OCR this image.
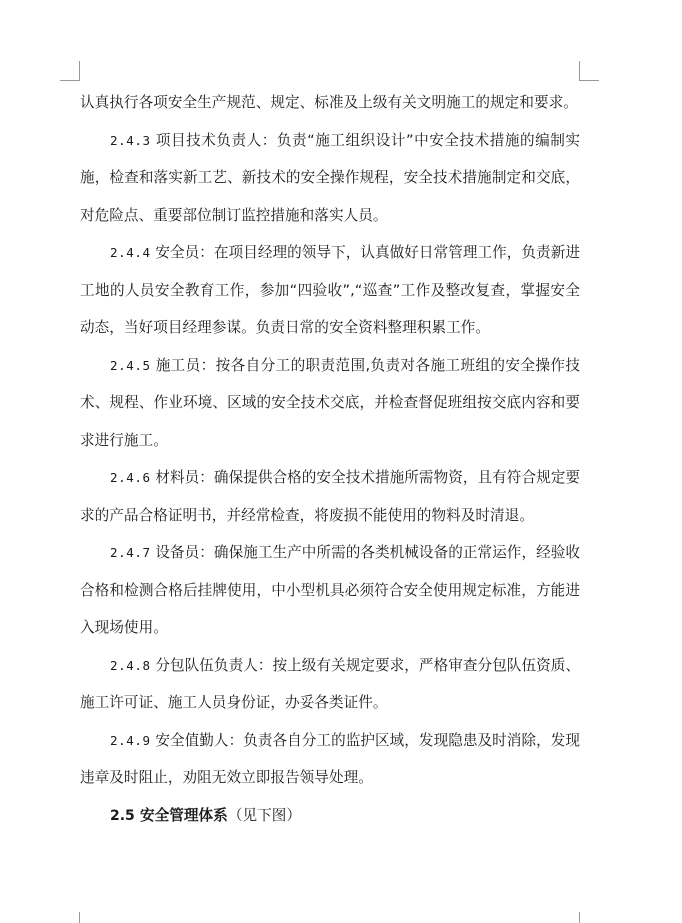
认真执行各项安全生产规范、规定、标准及上级有关文明施工的规定和要求。

2.4.3 项目技术负责人：负责“施工组织设计”中安全技术措施的编制实施，检查和落实新工艺、新技术的安全操作规程，安全技术措施制定和交底，对危险点、重要部位制订监控措施和落实人员。

2.4.4 安全员：在项目经理的领导下，认真做好日常管理工作，负责新进工地的人员安全教育工作，参加“四验收”,“巡查”工作及整改复查，掌握安全动态，当好项目经理参谋。负责日常的安全资料整理积累工作。

2.4.5 施工员：按各自分工的职责范围,负责对各施工班组的安全操作技术、规程、作业环境、区域的安全技术交底，并检查督促班组按交底内容和要求进行施工。

2.4.6 材料员：确保提供合格的安全技术措施所需物资，且有符合规定要求的产品合格证明书，并经常检查，将废损不能使用的物料及时清退。

2.4.7 设备员：确保施工生产中所需的各类机械设备的正常运作，经验收合格和检测合格后挂牌使用，中小型机具必须符合安全使用规定标准，方能进入现场使用。

2.4.8 分包队伍负责人：按上级有关规定要求，严格审查分包队伍资质、施工许可证、施工人员身份证，办妥各类证件。

2.4.9 安全值勤人：负责各自分工的监护区域，发现隐患及时消除，发现违章及时阻止，劝阻无效立即报告领导处理。

2.5 安全管理体系（见下图）
